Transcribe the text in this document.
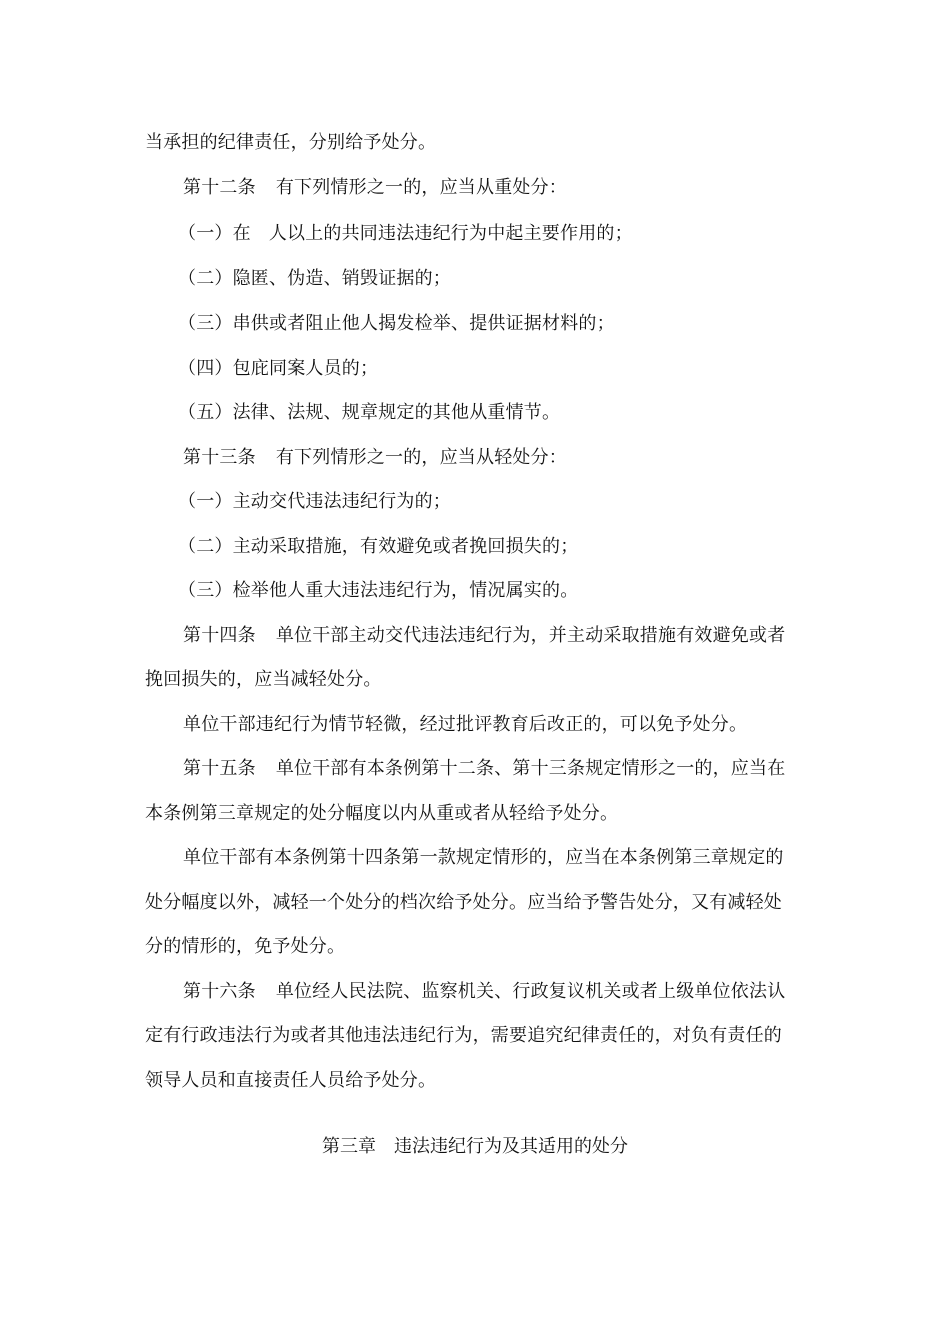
当承担的纪律责任，分别给予处分。
第十二条 有下列情形之一的，应当从重处分：
（一）在 人以上的共同违法违纪行为中起主要作用的；
（二）隐匿、伪造、销毁证据的；
（三）串供或者阻止他人揭发检举、提供证据材料的；
（四）包庇同案人员的；
（五）法律、法规、规章规定的其他从重情节。
第十三条 有下列情形之一的，应当从轻处分：
（一）主动交代违法违纪行为的；
（二）主动采取措施，有效避免或者挽回损失的；
（三）检举他人重大违法违纪行为，情况属实的。
第十四条 单位干部主动交代违法违纪行为，并主动采取措施有效避免或者
挽回损失的，应当减轻处分。
单位干部违纪行为情节轻微，经过批评教育后改正的，可以免予处分。
第十五条 单位干部有本条例第十二条、第十三条规定情形之一的，应当在
本条例第三章规定的处分幅度以内从重或者从轻给予处分。
单位干部有本条例第十四条第一款规定情形的，应当在本条例第三章规定的
处分幅度以外，减轻一个处分的档次给予处分。应当给予警告处分，又有减轻处
分的情形的，免予处分。
第十六条 单位经人民法院、监察机关、行政复议机关或者上级单位依法认
定有行政违法行为或者其他违法违纪行为，需要追究纪律责任的，对负有责任的
领导人员和直接责任人员给予处分。
第三章 违法违纪行为及其适用的处分
